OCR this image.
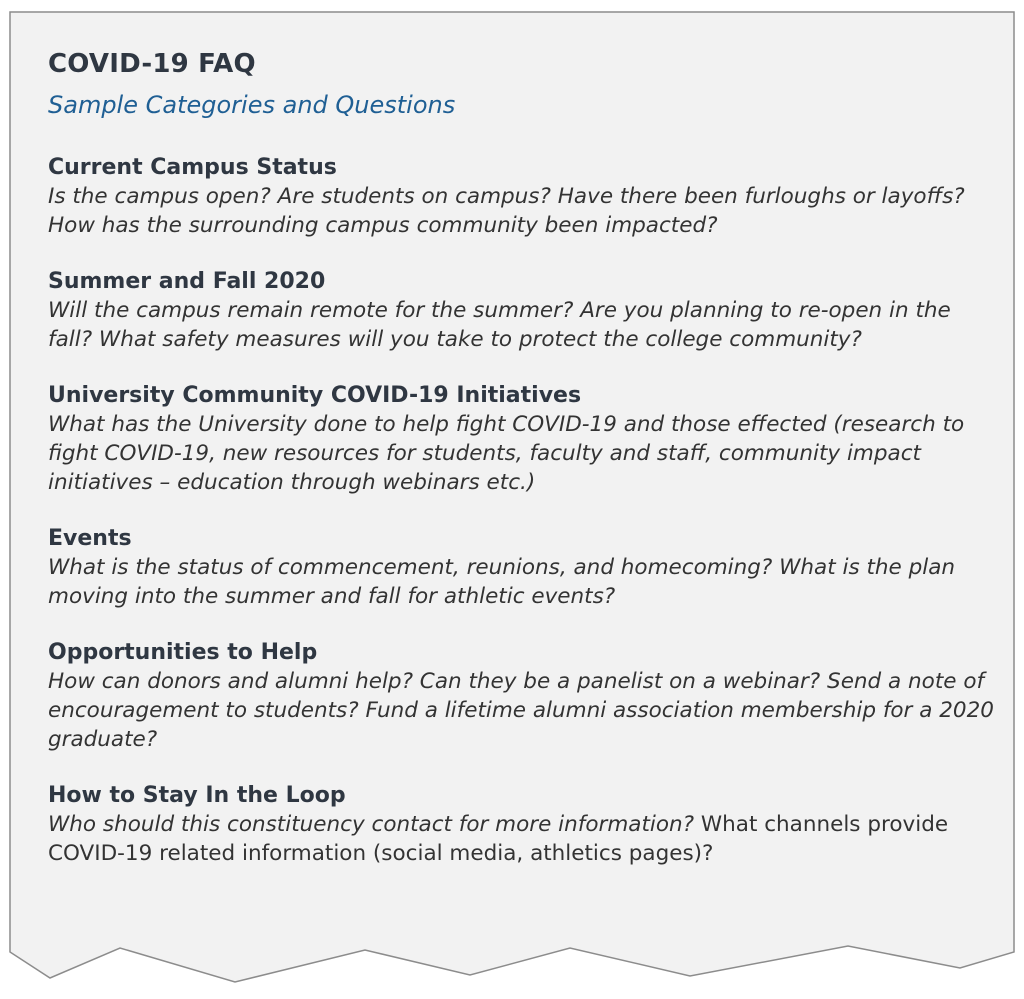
COVID-19 FAQ

Sample Categories and Questions

Current Campus Status

Is the campus open? Are students on campus? Have there been furloughs or layoffs? How has the surrounding campus community been impacted?

Summer and Fall 2020

Will the campus remain remote for the summer? Are you planning to re-open in the fall? What safety measures will you take to protect the college community?

University Community COVID-19 Initiatives

What has the University done to help fight COVID-19 and those effected (research to fight COVID-19, new resources for students, faculty and staff, community impact initiatives – education through webinars etc.)

Events

What is the status of commencement, reunions, and homecoming? What is the plan moving into the summer and fall for athletic events?

Opportunities to Help

How can donors and alumni help? Can they be a panelist on a webinar? Send a note of encouragement to students? Fund a lifetime alumni association membership for a 2020 graduate?

How to Stay In the Loop

Who should this constituency contact for more information? What channels provide COVID-19 related information (social media, athletics pages)?
